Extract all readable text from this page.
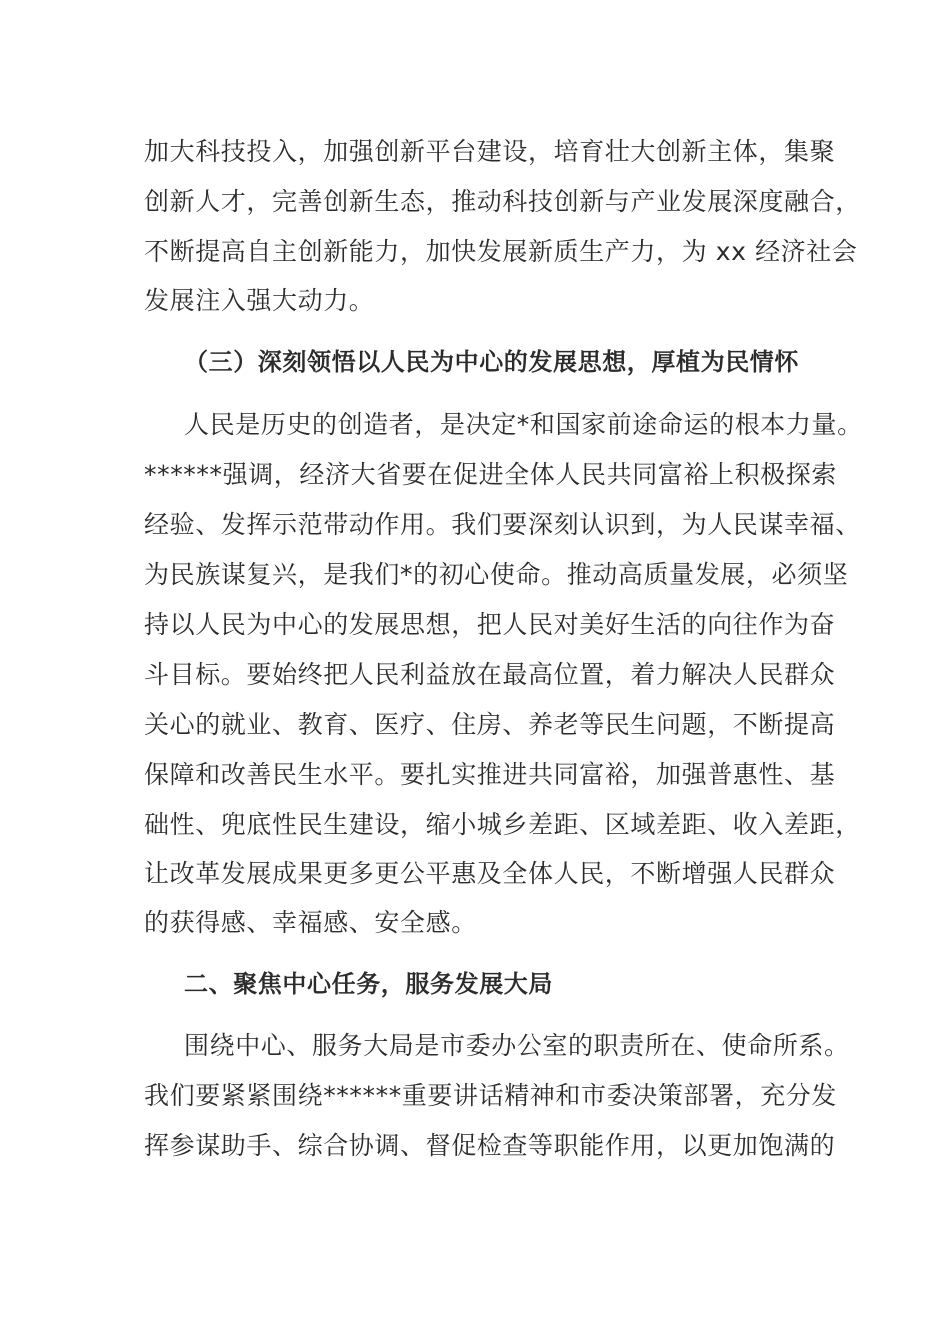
加大科技投入，加强创新平台建设，培育壮大创新主体，集聚
创新人才，完善创新生态，推动科技创新与产业发展深度融合，
不断提高自主创新能力，加快发展新质生产力，为 xx 经济社会
发展注入强大动力。
（三）深刻领悟以人民为中心的发展思想，厚植为民情怀
人民是历史的创造者，是决定*和国家前途命运的根本力量。
******强调，经济大省要在促进全体人民共同富裕上积极探索
经验、发挥示范带动作用。我们要深刻认识到，为人民谋幸福、
为民族谋复兴，是我们*的初心使命。推动高质量发展，必须坚
持以人民为中心的发展思想，把人民对美好生活的向往作为奋
斗目标。要始终把人民利益放在最高位置，着力解决人民群众
关心的就业、教育、医疗、住房、养老等民生问题，不断提高
保障和改善民生水平。要扎实推进共同富裕，加强普惠性、基
础性、兜底性民生建设，缩小城乡差距、区域差距、收入差距，
让改革发展成果更多更公平惠及全体人民，不断增强人民群众
的获得感、幸福感、安全感。
二、聚焦中心任务，服务发展大局
围绕中心、服务大局是市委办公室的职责所在、使命所系。
我们要紧紧围绕******重要讲话精神和市委决策部署，充分发
挥参谋助手、综合协调、督促检查等职能作用，以更加饱满的
